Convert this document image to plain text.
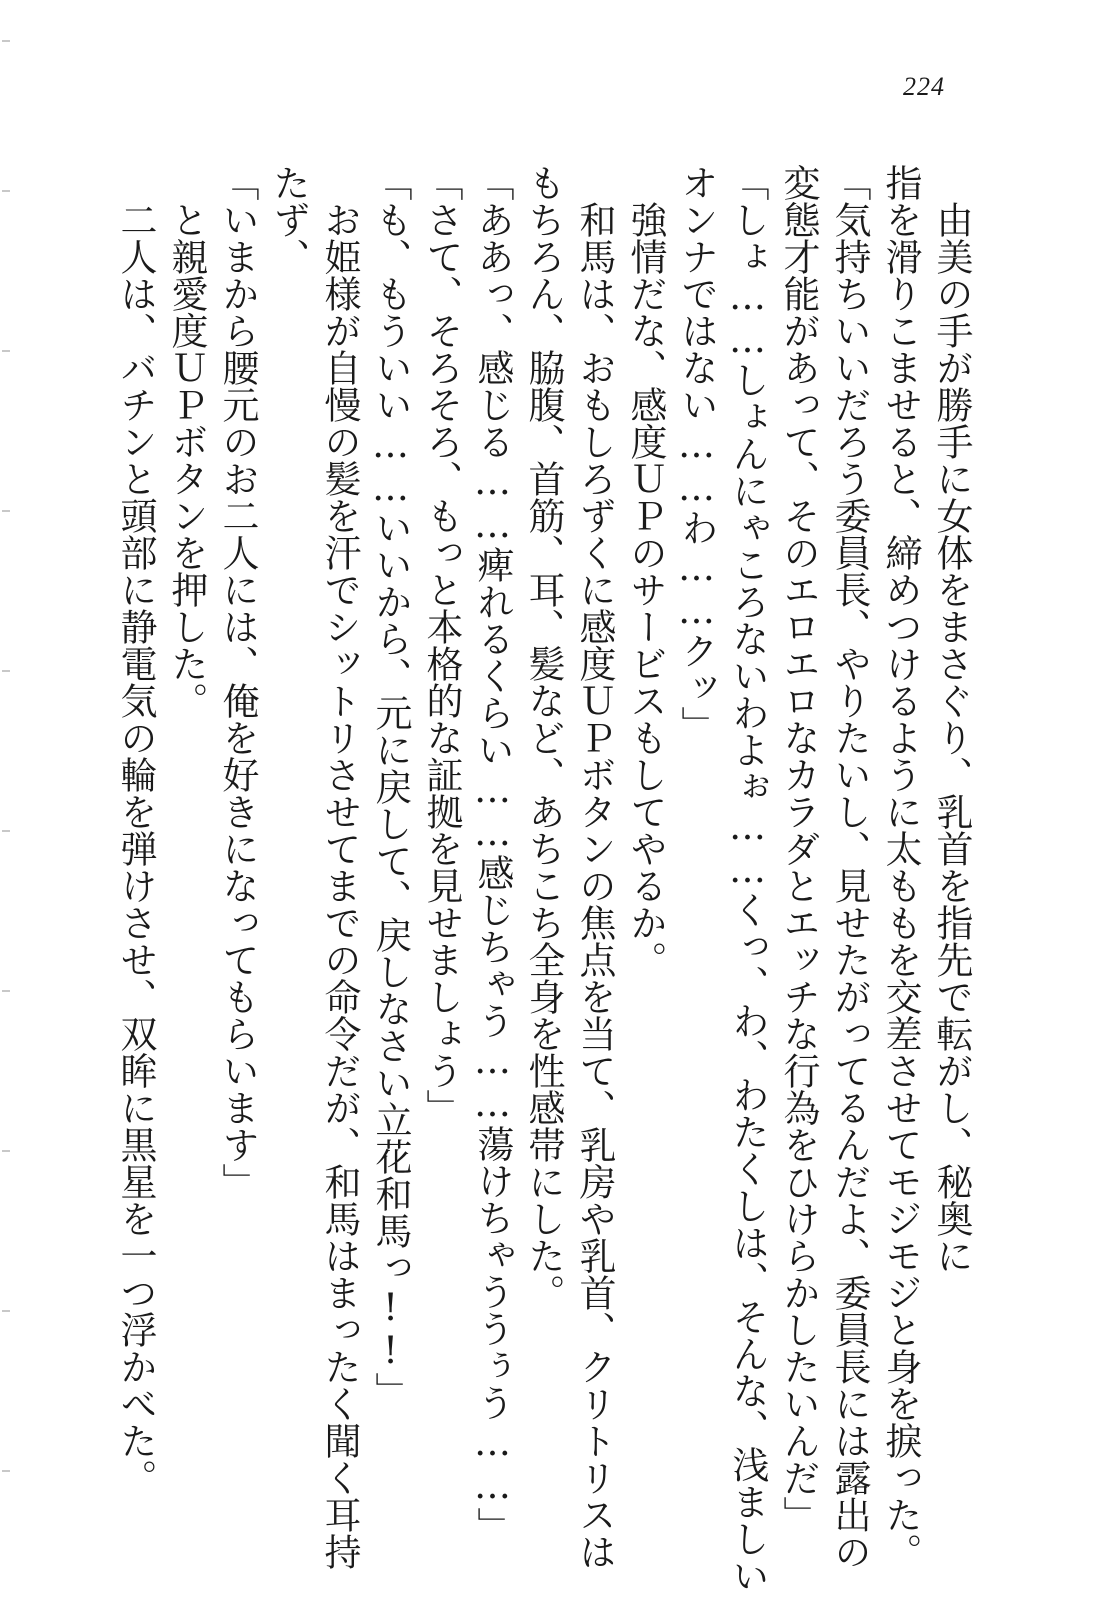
224
　由美の手が勝手に女体をまさぐり、乳首を指先で転がし、秘奥に
指を滑りこませると、締めつけるように太ももを交差させてモジモジと身を捩った。
「気持ちいいだろう委員長、やりたいし、見せたがってるんだよ、委員長には露出の
変態才能があって、そのエロエロなカラダとエッチな行為をひけらかしたいんだ」
「しょ……しょんにゃころないわよぉ……くっ、わ、わたくしは、そんな、浅ましい
オンナではない……わ……クッ」
　強情だな、感度ＵＰのサービスもしてやるか。
　和馬は、おもしろずくに感度ＵＰボタンの焦点を当て、乳房や乳首、クリトリスは
もちろん、脇腹、首筋、耳、髪など、あちこち全身を性感帯にした。
「ああっ、感じる……痺れるくらい……感じちゃう……蕩けちゃううぅう……」
「さて、そろそろ、もっと本格的な証拠を見せましょう」
「も、もういい……いいから、元に戻して、戻しなさい立花和馬っ!!」
　お姫様が自慢の髪を汗でシットリさせてまでの命令だが、和馬はまったく聞く耳持
たず、
「いまから腰元のお二人には、俺を好きになってもらいます」
　と親愛度ＵＰボタンを押した。
　二人は、バチンと頭部に静電気の輪を弾けさせ、双眸に黒星を一つ浮かべた。
